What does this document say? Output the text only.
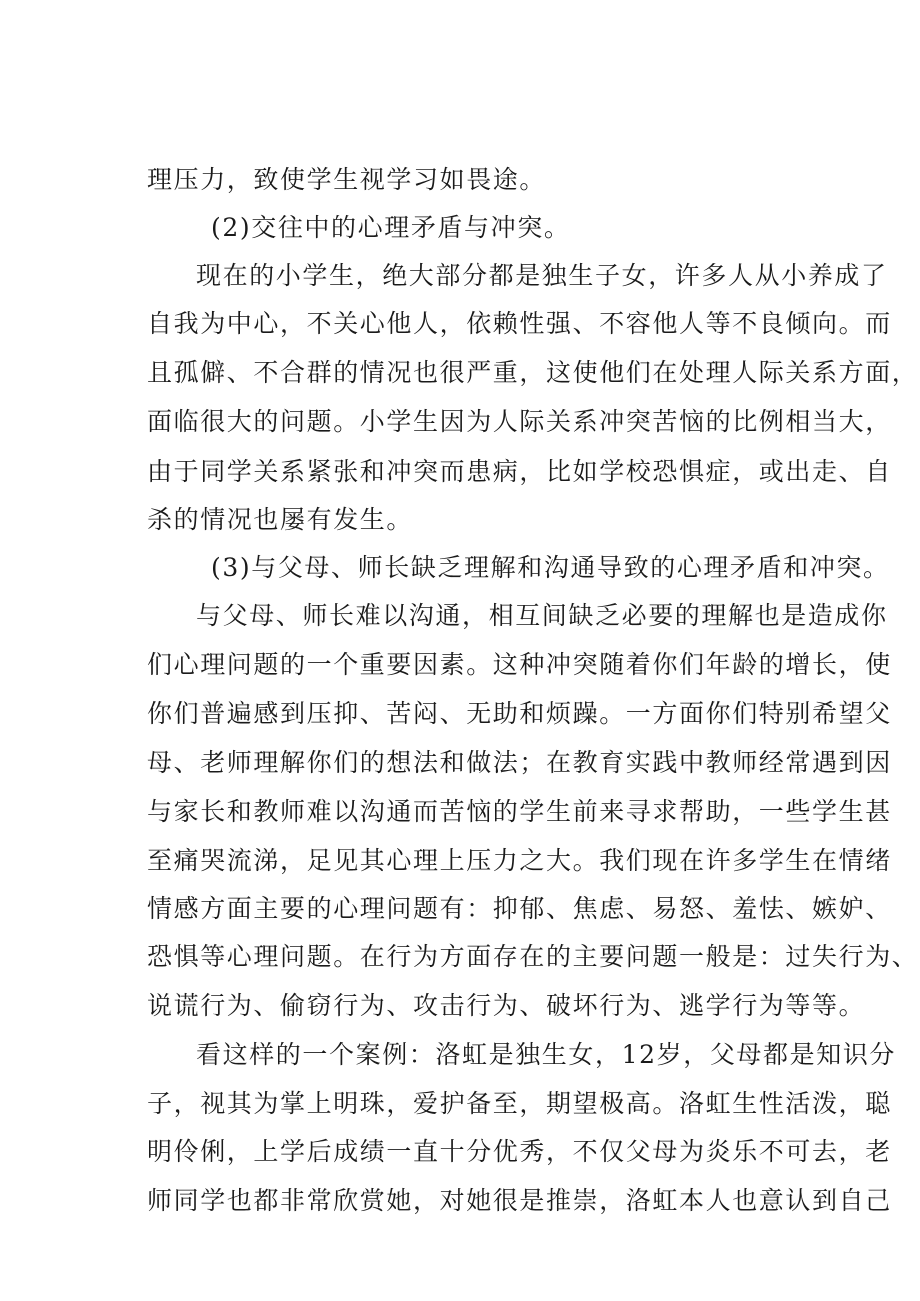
理压力，致使学生视学习如畏途。

(2)交往中的心理矛盾与冲突。

现在的小学生，绝大部分都是独生子女，许多人从小养成了

自我为中心，不关心他人，依赖性强、不容他人等不良倾向。而

且孤僻、不合群的情况也很严重，这使他们在处理人际关系方面，

面临很大的问题。小学生因为人际关系冲突苦恼的比例相当大，

由于同学关系紧张和冲突而患病，比如学校恐惧症，或出走、自

杀的情况也屡有发生。

(3)与父母、师长缺乏理解和沟通导致的心理矛盾和冲突。

与父母、师长难以沟通，相互间缺乏必要的理解也是造成你

们心理问题的一个重要因素。这种冲突随着你们年龄的增长，使

你们普遍感到压抑、苦闷、无助和烦躁。一方面你们特别希望父

母、老师理解你们的想法和做法；在教育实践中教师经常遇到因

与家长和教师难以沟通而苦恼的学生前来寻求帮助，一些学生甚

至痛哭流涕，足见其心理上压力之大。我们现在许多学生在情绪

情感方面主要的心理问题有：抑郁、焦虑、易怒、羞怯、嫉妒、

恐惧等心理问题。在行为方面存在的主要问题一般是：过失行为、

说谎行为、偷窃行为、攻击行为、破坏行为、逃学行为等等。

看这样的一个案例：洛虹是独生女，12岁，父母都是知识分

子，视其为掌上明珠，爱护备至，期望极高。洛虹生性活泼，聪

明伶俐，上学后成绩一直十分优秀，不仅父母为炎乐不可去，老

师同学也都非常欣赏她，对她很是推崇，洛虹本人也意认到自己
